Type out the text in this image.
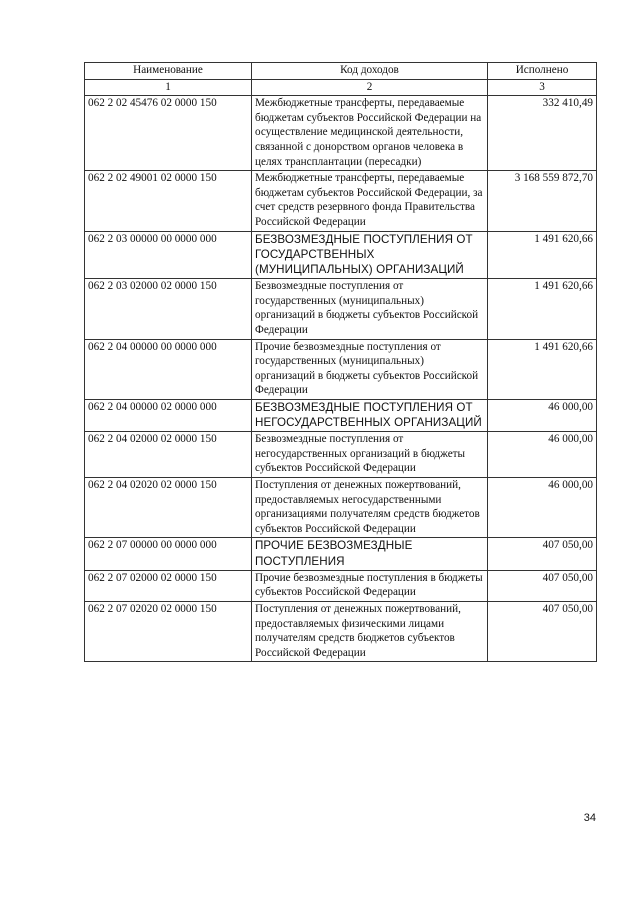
Наименование	Код доходов	Исполнено
1	2	3
062 2 02 45476 02 0000 150	Межбюджетные трансферты, передаваемые бюджетам субъектов Российской Федерации на осуществление медицинской деятельности, связанной с донорством органов человека в целях трансплантации (пересадки)	332 410,49
062 2 02 49001 02 0000 150	Межбюджетные трансферты, передаваемые бюджетам субъектов Российской Федерации, за счет средств резервного фонда Правительства Российской Федерации	3 168 559 872,70
062 2 03 00000 00 0000 000	БЕЗВОЗМЕЗДНЫЕ ПОСТУПЛЕНИЯ ОТ ГОСУДАРСТВЕННЫХ (МУНИЦИПАЛЬНЫХ) ОРГАНИЗАЦИЙ	1 491 620,66
062 2 03 02000 02 0000 150	Безвозмездные поступления от государственных (муниципальных) организаций в бюджеты субъектов Российской Федерации	1 491 620,66
062 2 04 00000 00 0000 000	Прочие безвозмездные поступления от государственных (муниципальных) организаций в бюджеты субъектов Российской Федерации	1 491 620,66
062 2 04 00000 02 0000 000	БЕЗВОЗМЕЗДНЫЕ ПОСТУПЛЕНИЯ ОТ НЕГОСУДАРСТВЕННЫХ ОРГАНИЗАЦИЙ	46 000,00
062 2 04 02000 02 0000 150	Безвозмездные поступления от негосударственных организаций в бюджеты субъектов Российской Федерации	46 000,00
062 2 04 02020 02 0000 150	Поступления от денежных пожертвований, предоставляемых негосударственными организациями получателям средств бюджетов субъектов Российской Федерации	46 000,00
062 2 07 00000 00 0000 000	ПРОЧИЕ БЕЗВОЗМЕЗДНЫЕ ПОСТУПЛЕНИЯ	407 050,00
062 2 07 02000 02 0000 150	Прочие безвозмездные поступления в бюджеты субъектов Российской Федерации	407 050,00
062 2 07 02020 02 0000 150	Поступления от денежных пожертвований, предоставляемых физическими лицами получателям средств бюджетов субъектов Российской Федерации	407 050,00
34
